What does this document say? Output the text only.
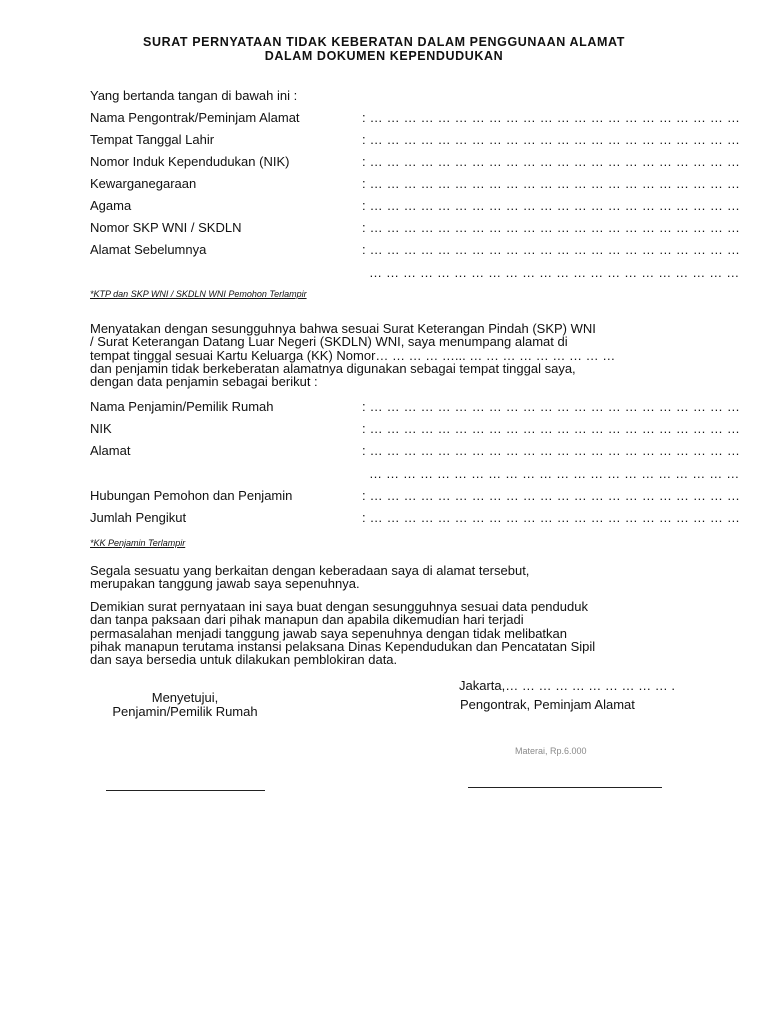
SURAT PERNYATAAN TIDAK KEBERATAN DALAM PENGGUNAAN ALAMAT
DALAM DOKUMEN KEPENDUDUKAN
Yang bertanda tangan di bawah ini :
Nama Pengontrak/Peminjam Alamat	: … … … … … … … … … … … … … … … … … … … … … …
Tempat Tanggal Lahir	: … … … … … … … … … … … … … … … … … … … … … …
Nomor Induk Kependudukan (NIK)	: … … … … … … … … … … … … … … … … … … … … … …
Kewarganegaraan	: … … … … … … … … … … … … … … … … … … … … … …
Agama	: … … … … … … … … … … … … … … … … … … … … … …
Nomor SKP WNI / SKDLN	: … … … … … … … … … … … … … … … … … … … … … …
Alamat Sebelumnya	: … … … … … … … … … … … … … … … … … … … … … …
… … … … … … … … … … … … … … … … … … … … … …
*KTP dan SKP WNI / SKDLN WNI Pemohon Terlampir
Menyatakan dengan sesungguhnya bahwa sesuai Surat Keterangan Pindah (SKP) WNI
/ Surat Keterangan Datang Luar Negeri (SKDLN) WNI, saya menumpang alamat di
tempat tinggal sesuai Kartu Keluarga (KK) Nomor… … … … …... … … … … … … … … …
dan penjamin tidak berkeberatan alamatnya digunakan sebagai tempat tinggal saya,
dengan data penjamin sebagai berikut :
Nama Penjamin/Pemilik Rumah	: … … … … … … … … … … … … … … … … … … … … … …
NIK	: … … … … … … … … … … … … … … … … … … … … … …
Alamat	: … … … … … … … … … … … … … … … … … … … … … …
… … … … … … … … … … … … … … … … … … … … … …
Hubungan Pemohon dan Penjamin	: … … … … … … … … … … … … … … … … … … … … … …
Jumlah Pengikut	: … … … … … … … … … … … … … … … … … … … … … …
*KK Penjamin Terlampir
Segala sesuatu yang berkaitan dengan keberadaan saya di alamat tersebut,
merupakan tanggung jawab saya sepenuhnya.
Demikian surat pernyataan ini saya buat dengan sesungguhnya sesuai data penduduk
dan tanpa paksaan dari pihak manapun dan apabila dikemudian hari terjadi
permasalahan menjadi tanggung jawab saya sepenuhnya dengan tidak melibatkan
pihak manapun terutama instansi pelaksana Dinas Kependudukan dan Pencatatan Sipil
dan saya bersedia untuk dilakukan pemblokiran data.
Jakarta,… … … … … … … … … … .
Menyetujui,
Penjamin/Pemilik Rumah	Pengontrak, Peminjam Alamat
Materai, Rp.6.000
